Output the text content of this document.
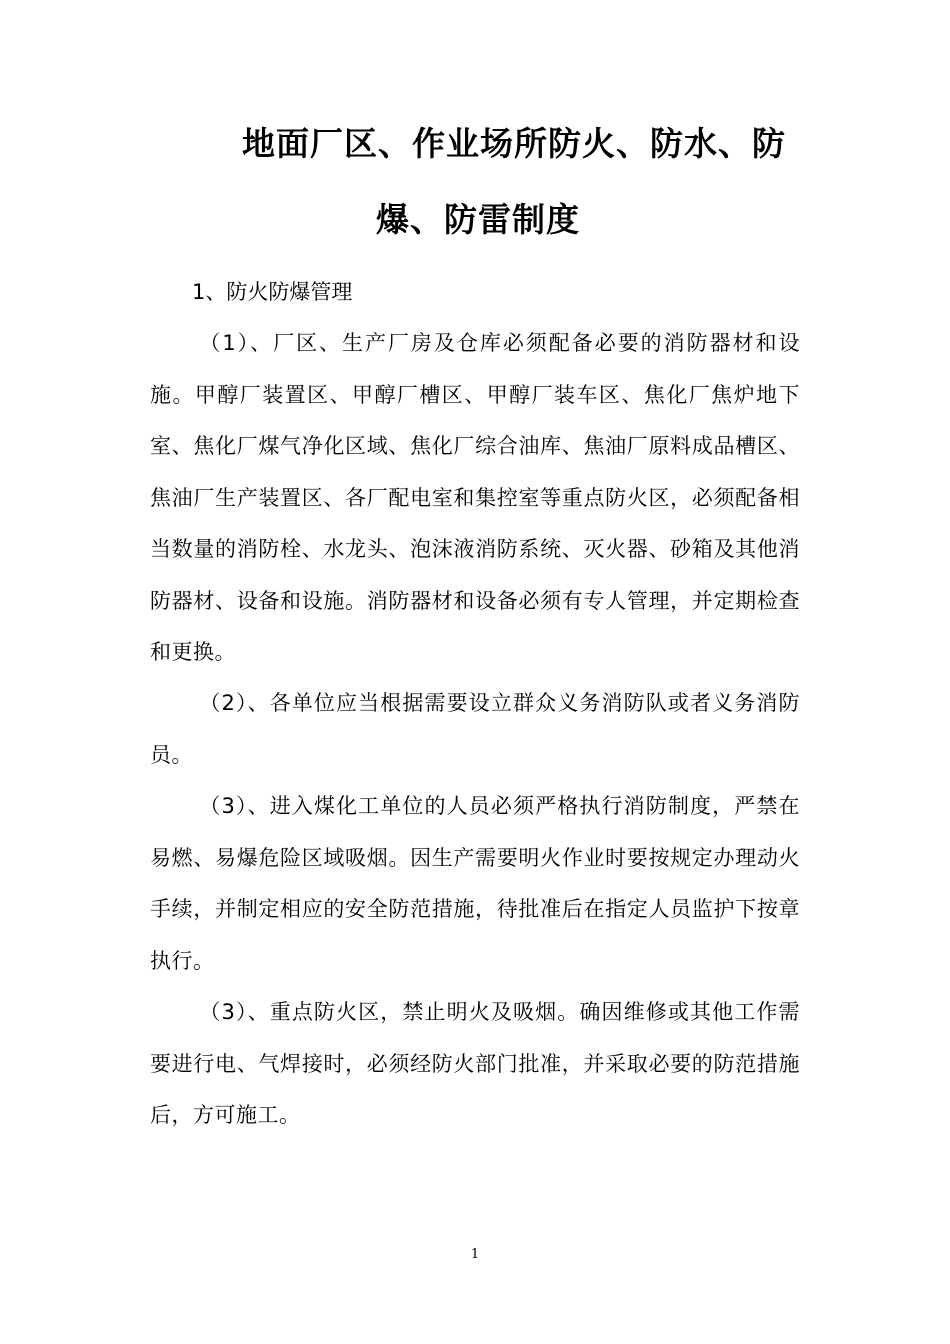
地面厂区、作业场所防火、防水、防
爆、防雷制度
1、防火防爆管理

（1）、厂区、生产厂房及仓库必须配备必要的消防器材和设施。甲醇厂装置区、甲醇厂槽区、甲醇厂装车区、焦化厂焦炉地下室、焦化厂煤气净化区域、焦化厂综合油库、焦油厂原料成品槽区、焦油厂生产装置区、各厂配电室和集控室等重点防火区，必须配备相当数量的消防栓、水龙头、泡沫液消防系统、灭火器、砂箱及其他消防器材、设备和设施。消防器材和设备必须有专人管理，并定期检查和更换。

（2）、各单位应当根据需要设立群众义务消防队或者义务消防员。

（3）、进入煤化工单位的人员必须严格执行消防制度，严禁在易燃、易爆危险区域吸烟。因生产需要明火作业时要按规定办理动火手续，并制定相应的安全防范措施，待批准后在指定人员监护下按章执行。

（3）、重点防火区，禁止明火及吸烟。确因维修或其他工作需要进行电、气焊接时，必须经防火部门批准，并采取必要的防范措施后，方可施工。

1
